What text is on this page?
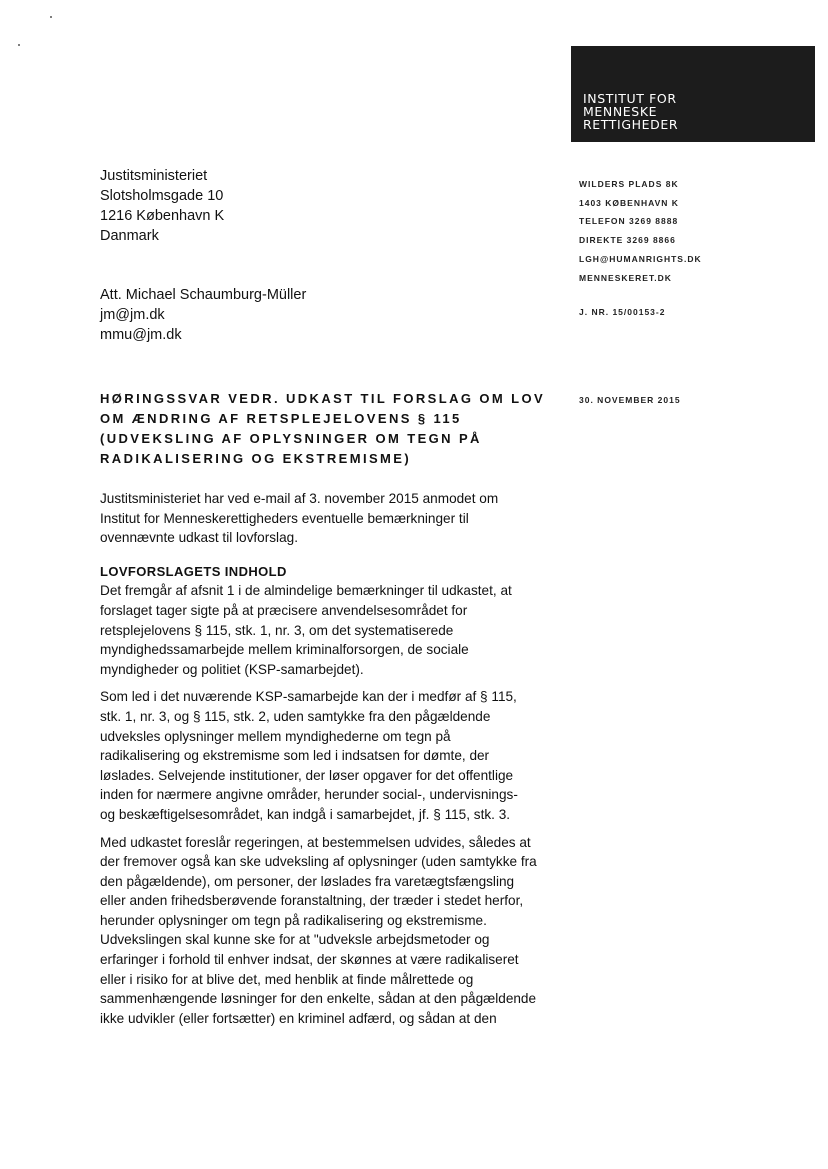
INSTITUT FOR
MENNESKE
RETTIGHEDER
Justitsministeriet
Slotsholmsgade 10
1216 København K
Danmark
Att. Michael Schaumburg-Müller
jm@jm.dk
mmu@jm.dk
WILDERS PLADS 8K
1403 KØBENHAVN K
TELEFON 3269 8888
DIREKTE 3269 8866
LGH@HUMANRIGHTS.DK
MENNESKERET.DK
J. NR. 15/00153-2
30. NOVEMBER 2015
HØRINGSSVAR VEDR. UDKAST TIL FORSLAG OM LOV
OM ÆNDRING AF RETSPLEJELOVENS § 115
(UDVEKSLING AF OPLYSNINGER OM TEGN PÅ
RADIKALISERING OG EKSTREMISME)

Justitsministeriet har ved e-mail af 3. november 2015 anmodet om
Institut for Menneskerettigheders eventuelle bemærkninger til
ovennævnte udkast til lovforslag.

LOVFORSLAGETS INDHOLD

Det fremgår af afsnit 1 i de almindelige bemærkninger til udkastet, at
forslaget tager sigte på at præcisere anvendelsesområdet for
retsplejelovens § 115, stk. 1, nr. 3, om det systematiserede
myndighedssamarbejde mellem kriminalforsorgen, de sociale
myndigheder og politiet (KSP-samarbejdet).

Som led i det nuværende KSP-samarbejde kan der i medfør af § 115,
stk. 1, nr. 3, og § 115, stk. 2, uden samtykke fra den pågældende
udveksles oplysninger mellem myndighederne om tegn på
radikalisering og ekstremisme som led i indsatsen for dømte, der
løslades. Selvejende institutioner, der løser opgaver for det offentlige
inden for nærmere angivne områder, herunder social-, undervisnings-
og beskæftigelsesområdet, kan indgå i samarbejdet, jf. § 115, stk. 3.

Med udkastet foreslår regeringen, at bestemmelsen udvides, således at
der fremover også kan ske udveksling af oplysninger (uden samtykke fra
den pågældende), om personer, der løslades fra varetægtsfængsling
eller anden frihedsberøvende foranstaltning, der træder i stedet herfor,
herunder oplysninger om tegn på radikalisering og ekstremisme.
Udvekslingen skal kunne ske for at "udveksle arbejdsmetoder og
erfaringer i forhold til enhver indsat, der skønnes at være radikaliseret
eller i risiko for at blive det, med henblik at finde målrettede og
sammenhængende løsninger for den enkelte, sådan at den pågældende
ikke udvikler (eller fortsætter) en kriminel adfærd, og sådan at den
